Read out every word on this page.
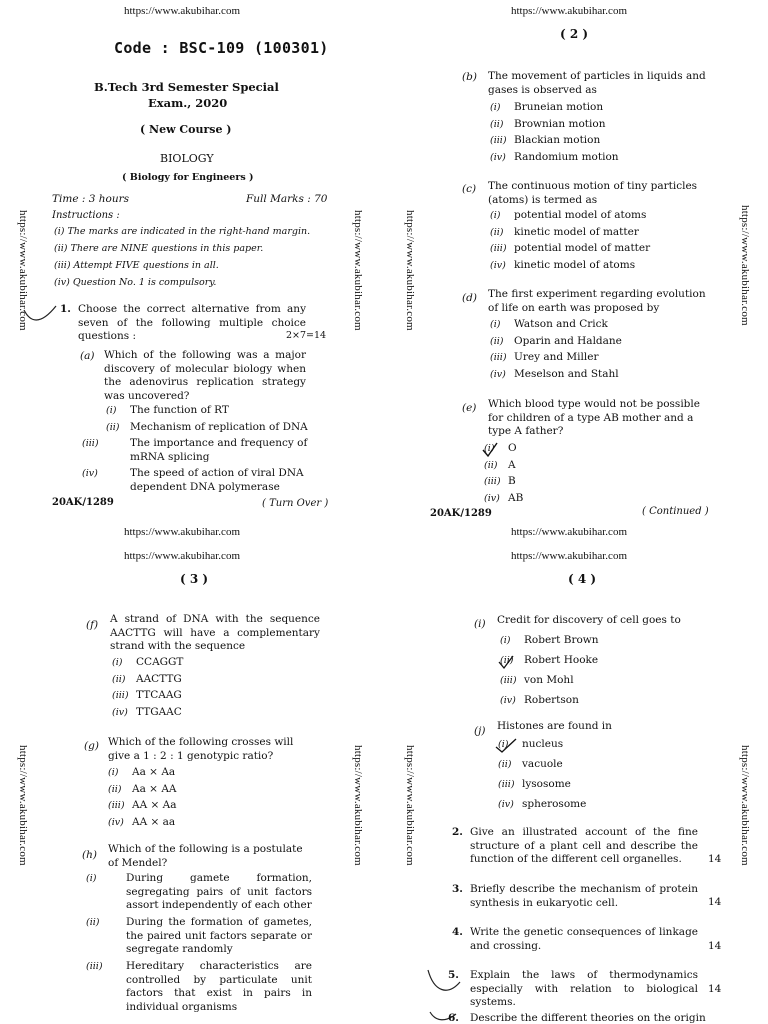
https://www.akubihar.com
https://www.akubihar.com	https://www.akubihar.com
Code : BSC-109 (100301)
B.Tech 3rd Semester Special
Exam., 2020
( New Course )
BIOLOGY
( Biology for Engineers )
Time : 3 hours	Full Marks : 70
Instructions :
(i) The marks are indicated in the right-hand margin.
(ii) There are NINE questions in this paper.
(iii) Attempt FIVE questions in all.
(iv) Question No. 1 is compulsory.
1. Choose the correct alternative from any seven of the following multiple choice questions :	2×7=14
(a) Which of the following was a major discovery of molecular biology when the adenovirus replication strategy was uncovered?
(i) The function of RT
(ii) Mechanism of replication of DNA
(iii)	The importance and frequency of mRNA splicing
(iv)	The speed of action of viral DNA dependent DNA polymerase
20AK/1289	( Turn Over )
https://www.akubihar.com
https://www.akubihar.com	https://www.akubihar.com
( 2 )
(b) The movement of particles in liquids and gases is observed as
(i) Bruneian motion
(ii) Brownian motion
(iii) Blackian motion
(iv) Randomium motion
(c) The continuous motion of tiny particles (atoms) is termed as
(i) potential model of atoms
(ii) kinetic model of matter
(iii) potential model of matter
(iv) kinetic model of atoms
(d) The first experiment regarding evolution of life on earth was proposed by
(i) Watson and Crick
(ii) Oparin and Haldane
(iii) Urey and Miller
(iv) Meselson and Stahl
(e) Which blood type would not be possible for children of a type AB mother and a type A father?
(i) O
(ii) A
(iii) B
(iv) AB
20AK/1289	( Continued )
https://www.akubihar.com
https://www.akubihar.com
https://www.akubihar.com	https://www.akubihar.com
( 3 )
(f) A strand of DNA with the sequence AACTTG will have a complementary strand with the sequence
(i) CCAGGT
(ii) AACTTG
(iii) TTCAAG
(iv) TTGAAC
(g) Which of the following crosses will give a 1 : 2 : 1 genotypic ratio?
(i) Aa × Aa
(ii) Aa × AA
(iii) AA × Aa
(iv) AA × aa
(h) Which of the following is a postulate of Mendel?
(i)	During gamete formation, segregating pairs of unit factors assort independently of each other
(ii)	During the formation of gametes, the paired unit factors separate or segregate randomly
(iii) Hereditary characteristics are controlled by particulate unit factors that exist in pairs in individual organisms
https://www.akubihar.com
https://www.akubihar.com
https://www.akubihar.com	https://www.akubihar.com
( 4 )
(i) Credit for discovery of cell goes to
(i) Robert Brown
(ii) Robert Hooke
(iii) von Mohl
(iv) Robertson
(j) Histones are found in
(i) nucleus
(ii) vacuole
(iii) lysosome
(iv) spherosome
2. Give an illustrated account of the fine structure of a plant cell and describe the function of the different cell organelles.	14
3. Briefly describe the mechanism of protein synthesis in eukaryotic cell.	14
4. Write the genetic consequences of linkage and crossing.	14
5. Explain the laws of thermodynamics especially with relation to biological systems.
14
6. Describe the different theories on the origin
